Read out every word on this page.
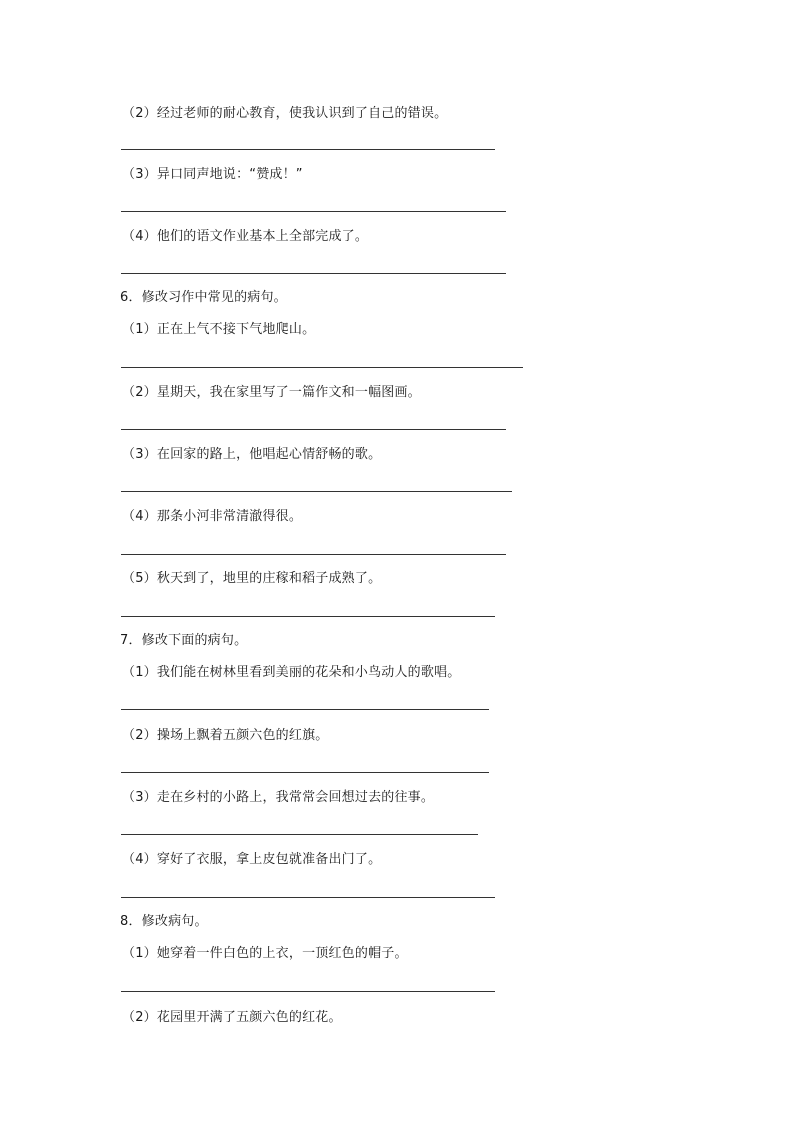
（2）经过老师的耐心教育，使我认识到了自己的错误。
（3）异口同声地说：“赞成！”
（4）他们的语文作业基本上全部完成了。
6．修改习作中常见的病句。
（1）正在上气不接下气地爬山。
（2）星期天，我在家里写了一篇作文和一幅图画。
（3）在回家的路上，他唱起心情舒畅的歌。
（4）那条小河非常清澈得很。
（5）秋天到了，地里的庄稼和稻子成熟了。
7．修改下面的病句。
（1）我们能在树林里看到美丽的花朵和小鸟动人的歌唱。
（2）操场上飘着五颜六色的红旗。
（3）走在乡村的小路上，我常常会回想过去的往事。
（4）穿好了衣服，拿上皮包就准备出门了。
8．修改病句。
（1）她穿着一件白色的上衣，一顶红色的帽子。
（2）花园里开满了五颜六色的红花。
